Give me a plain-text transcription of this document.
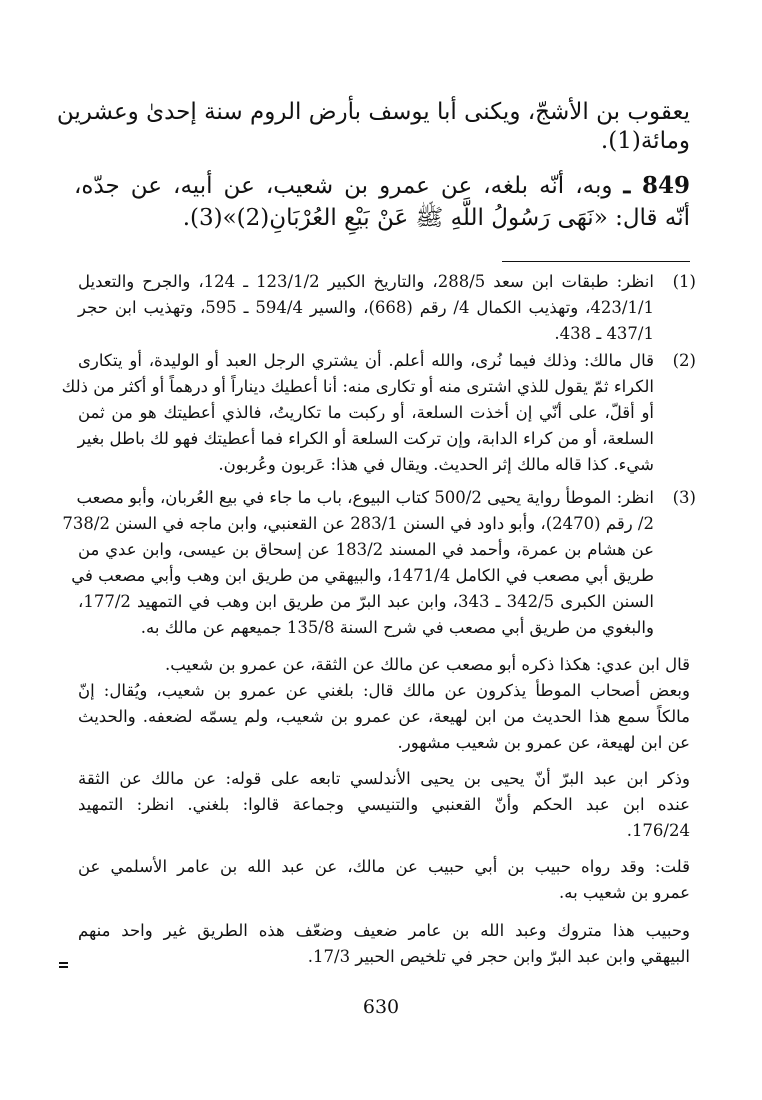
يعقوب بن الأشجّ، ويكنى أبا يوسف بأرض الروم سنة إحدىٰ وعشرين
ومائة(1).
849 ـ وبه، أنّه بلغه، عن عمرو بن شعيب، عن أبيه، عن جدّه،
أنّه قال: «نَهَى رَسُولُ اللَّهِ ﷺ عَنْ بَيْعِ العُرْبَانِ(2)»(3).
(1)
انظر: طبقات ابن سعد 288/5، والتاريخ الكبير 123/1/2 ـ 124، والجرح والتعديل
423/1/1، وتهذيب الكمال 4/ رقم (668)، والسير 594/4 ـ 595، وتهذيب ابن حجر
437/1 ـ 438.
(2)
قال مالك: وذلك فيما نُرى، والله أعلم. أن يشتري الرجل العبد أو الوليدة، أو يتكارى
الكراء ثمّ يقول للذي اشترى منه أو تكارى منه: أنا أعطيك ديناراً أو درهماً أو أكثر من ذلك
أو أقلّ، على أنّي إن أخذت السلعة، أو ركبت ما تكاريتُ، فالذي أعطيتك هو من ثمن
السلعة، أو من كراء الدابة، وإن تركت السلعة أو الكراء فما أعطيتك فهو لك باطل بغير
شيء. كذا قاله مالك إثر الحديث. ويقال في هذا: عَربون وعُربون.
(3)
انظر: الموطأ رواية يحيى 500/2 كتاب البيوع، باب ما جاء في بيع العُربان، وأبو مصعب
2/ رقم (2470)، وأبو داود في السنن 283/1 عن القعنبي، وابن ماجه في السنن 738/2
عن هشام بن عمرة، وأحمد في المسند 183/2 عن إسحاق بن عيسى، وابن عدي من
طريق أبي مصعب في الكامل 1471/4، والبيهقي من طريق ابن وهب وأبي مصعب في
السنن الكبرى 342/5 ـ 343، وابن عبد البرّ من طريق ابن وهب في التمهيد 177/2،
والبغوي من طريق أبي مصعب في شرح السنة 135/8 جميعهم عن مالك به.
قال ابن عدي: هكذا ذكره أبو مصعب عن مالك عن الثقة، عن عمرو بن شعيب.
وبعض أصحاب الموطأ يذكرون عن مالك قال: بلغني عن عمرو بن شعيب، ويُقال: إنّ
مالكاً سمع هذا الحديث من ابن لهيعة، عن عمرو بن شعيب، ولم يسمّه لضعفه. والحديث
عن ابن لهيعة، عن عمرو بن شعيب مشهور.
وذكر ابن عبد البرّ أنّ يحيى بن يحيى الأندلسي تابعه على قوله: عن مالك عن الثقة
عنده ابن عبد الحكم وأنّ القعنبي والتنيسي وجماعة قالوا: بلغني. انظر: التمهيد
176/24.
قلت: وقد رواه حبيب بن أبي حبيب عن مالك، عن عبد الله بن عامر الأسلمي عن
عمرو بن شعيب به.
وحبيب هذا متروك وعبد الله بن عامر ضعيف وضعّف هذه الطريق غير واحد منهم
البيهقي وابن عبد البرّ وابن حجر في تلخيص الحبير 17/3.
630
